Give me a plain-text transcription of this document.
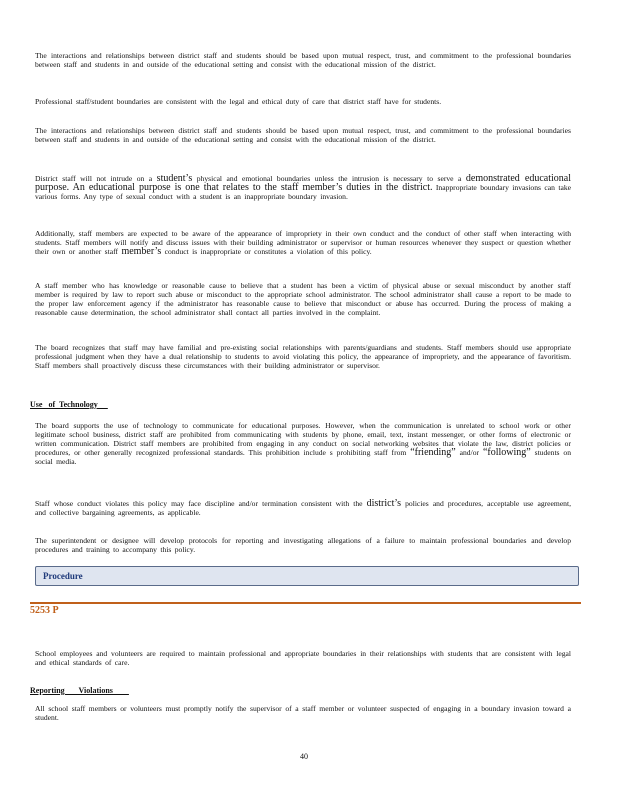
The interactions and relationships between district staff and students should be based upon mutual respect, trust, and commitment to the professional boundaries between staff and students in and outside of the educational setting and consist with the educational mission of the district.

Professional staff/student boundaries are consistent with the legal and ethical duty of care that district staff have for students.

The interactions and relationships between district staff and students should be based upon mutual respect, trust, and commitment to the professional boundaries between staff and students in and outside of the educational setting and consist with the educational mission of the district.

District staff will not intrude on a student’s physical and emotional boundaries unless the intrusion is necessary to serve a demonstrated educational purpose. An educational purpose is one that relates to the staff member’s duties in the district. Inappropriate boundary invasions can take various forms. Any type of sexual conduct with a student is an inappropriate boundary invasion.

Additionally, staff members are expected to be aware of the appearance of impropriety in their own conduct and the conduct of other staff when interacting with students. Staff members will notify and discuss issues with their building administrator or supervisor or human resources whenever they suspect or question whether their own or another staff member’s conduct is inappropriate or constitutes a violation of this policy.

A staff member who has knowledge or reasonable cause to believe that a student has been a victim of physical abuse or sexual misconduct by another staff member is required by law to report such abuse or misconduct to the appropriate school administrator. The school administrator shall cause a report to be made to the proper law enforcement agency if the administrator has reasonable cause to believe that misconduct or abuse has occurred. During the process of making a reasonable cause determination, the school administrator shall contact all parties involved in the complaint.

The board recognizes that staff may have familial and pre-existing social relationships with parents/guardians and students. Staff members should use appropriate professional judgment when they have a dual relationship to students to avoid violating this policy, the appearance of impropriety, and the appearance of favoritism. Staff members shall proactively discuss these circumstances with their building administrator or supervisor.

Use   of  Technology

The board supports the use of technology to communicate for educational purposes. However, when the communication is unrelated to school work or other legitimate school business, district staff are prohibited from communicating with students by phone, email, text, instant messenger, or other forms of electronic or written communication. District staff members are prohibited from engaging in any conduct on social networking websites that violate the law, district policies or procedures, or other generally recognized professional standards. This prohibition include s prohibiting staff from “friending” and/or “following” students on social media.

Staff whose conduct violates this policy may face discipline and/or termination consistent with the district’s policies and procedures, acceptable use agreement, and collective bargaining agreements, as applicable.

The superintendent or designee will develop protocols for reporting and investigating allegations of a failure to maintain professional boundaries and develop procedures and training to accompany this policy.

Procedure
5253 P

School employees and volunteers are required to maintain professional and appropriate boundaries in their relationships with students that are consistent with legal and ethical standards of care.

Reporting       Violations

All school staff members or volunteers must promptly notify the supervisor of a staff member or volunteer suspected of engaging in a boundary invasion toward a student.

40
